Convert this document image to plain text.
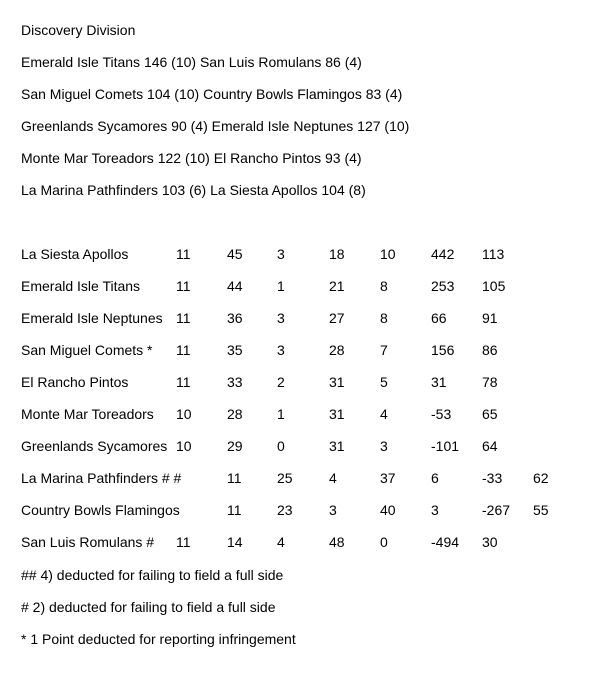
Discovery Division
Emerald Isle Titans 146 (10) San Luis Romulans 86 (4)
San Miguel Comets 104 (10) Country Bowls Flamingos 83 (4)
Greenlands Sycamores 90 (4) Emerald Isle Neptunes 127 (10)
Monte Mar Toreadors 122 (10) El Rancho Pintos 93 (4)
La Marina Pathfinders 103 (6) La Siesta Apollos 104 (8)
La Siesta Apollos	11	45 3	18	10	442 113
Emerald Isle Titans	11	44 1	21	8	253 105
Emerald Isle Neptunes 11	36 3	27	8	66	91
San Miguel Comets * 11	35 3	28	7	156 86
El Rancho Pintos	11	33 2	31	5	31	78
Monte Mar Toreadors 10	28 1	31	4	-53 65
Greenlands Sycamores 10	29 0	31	3	-101 64
La Marina Pathfinders # #	11	25	4	37	6	-33 62
Country Bowls Flamingos	11	23	3	40	3	-267 55
San Luis Romulans # 11	14 4	48	0	-494 30
## 4) deducted for failing to field a full side
# 2) deducted for failing to field a full side
* 1 Point deducted for reporting infringement
